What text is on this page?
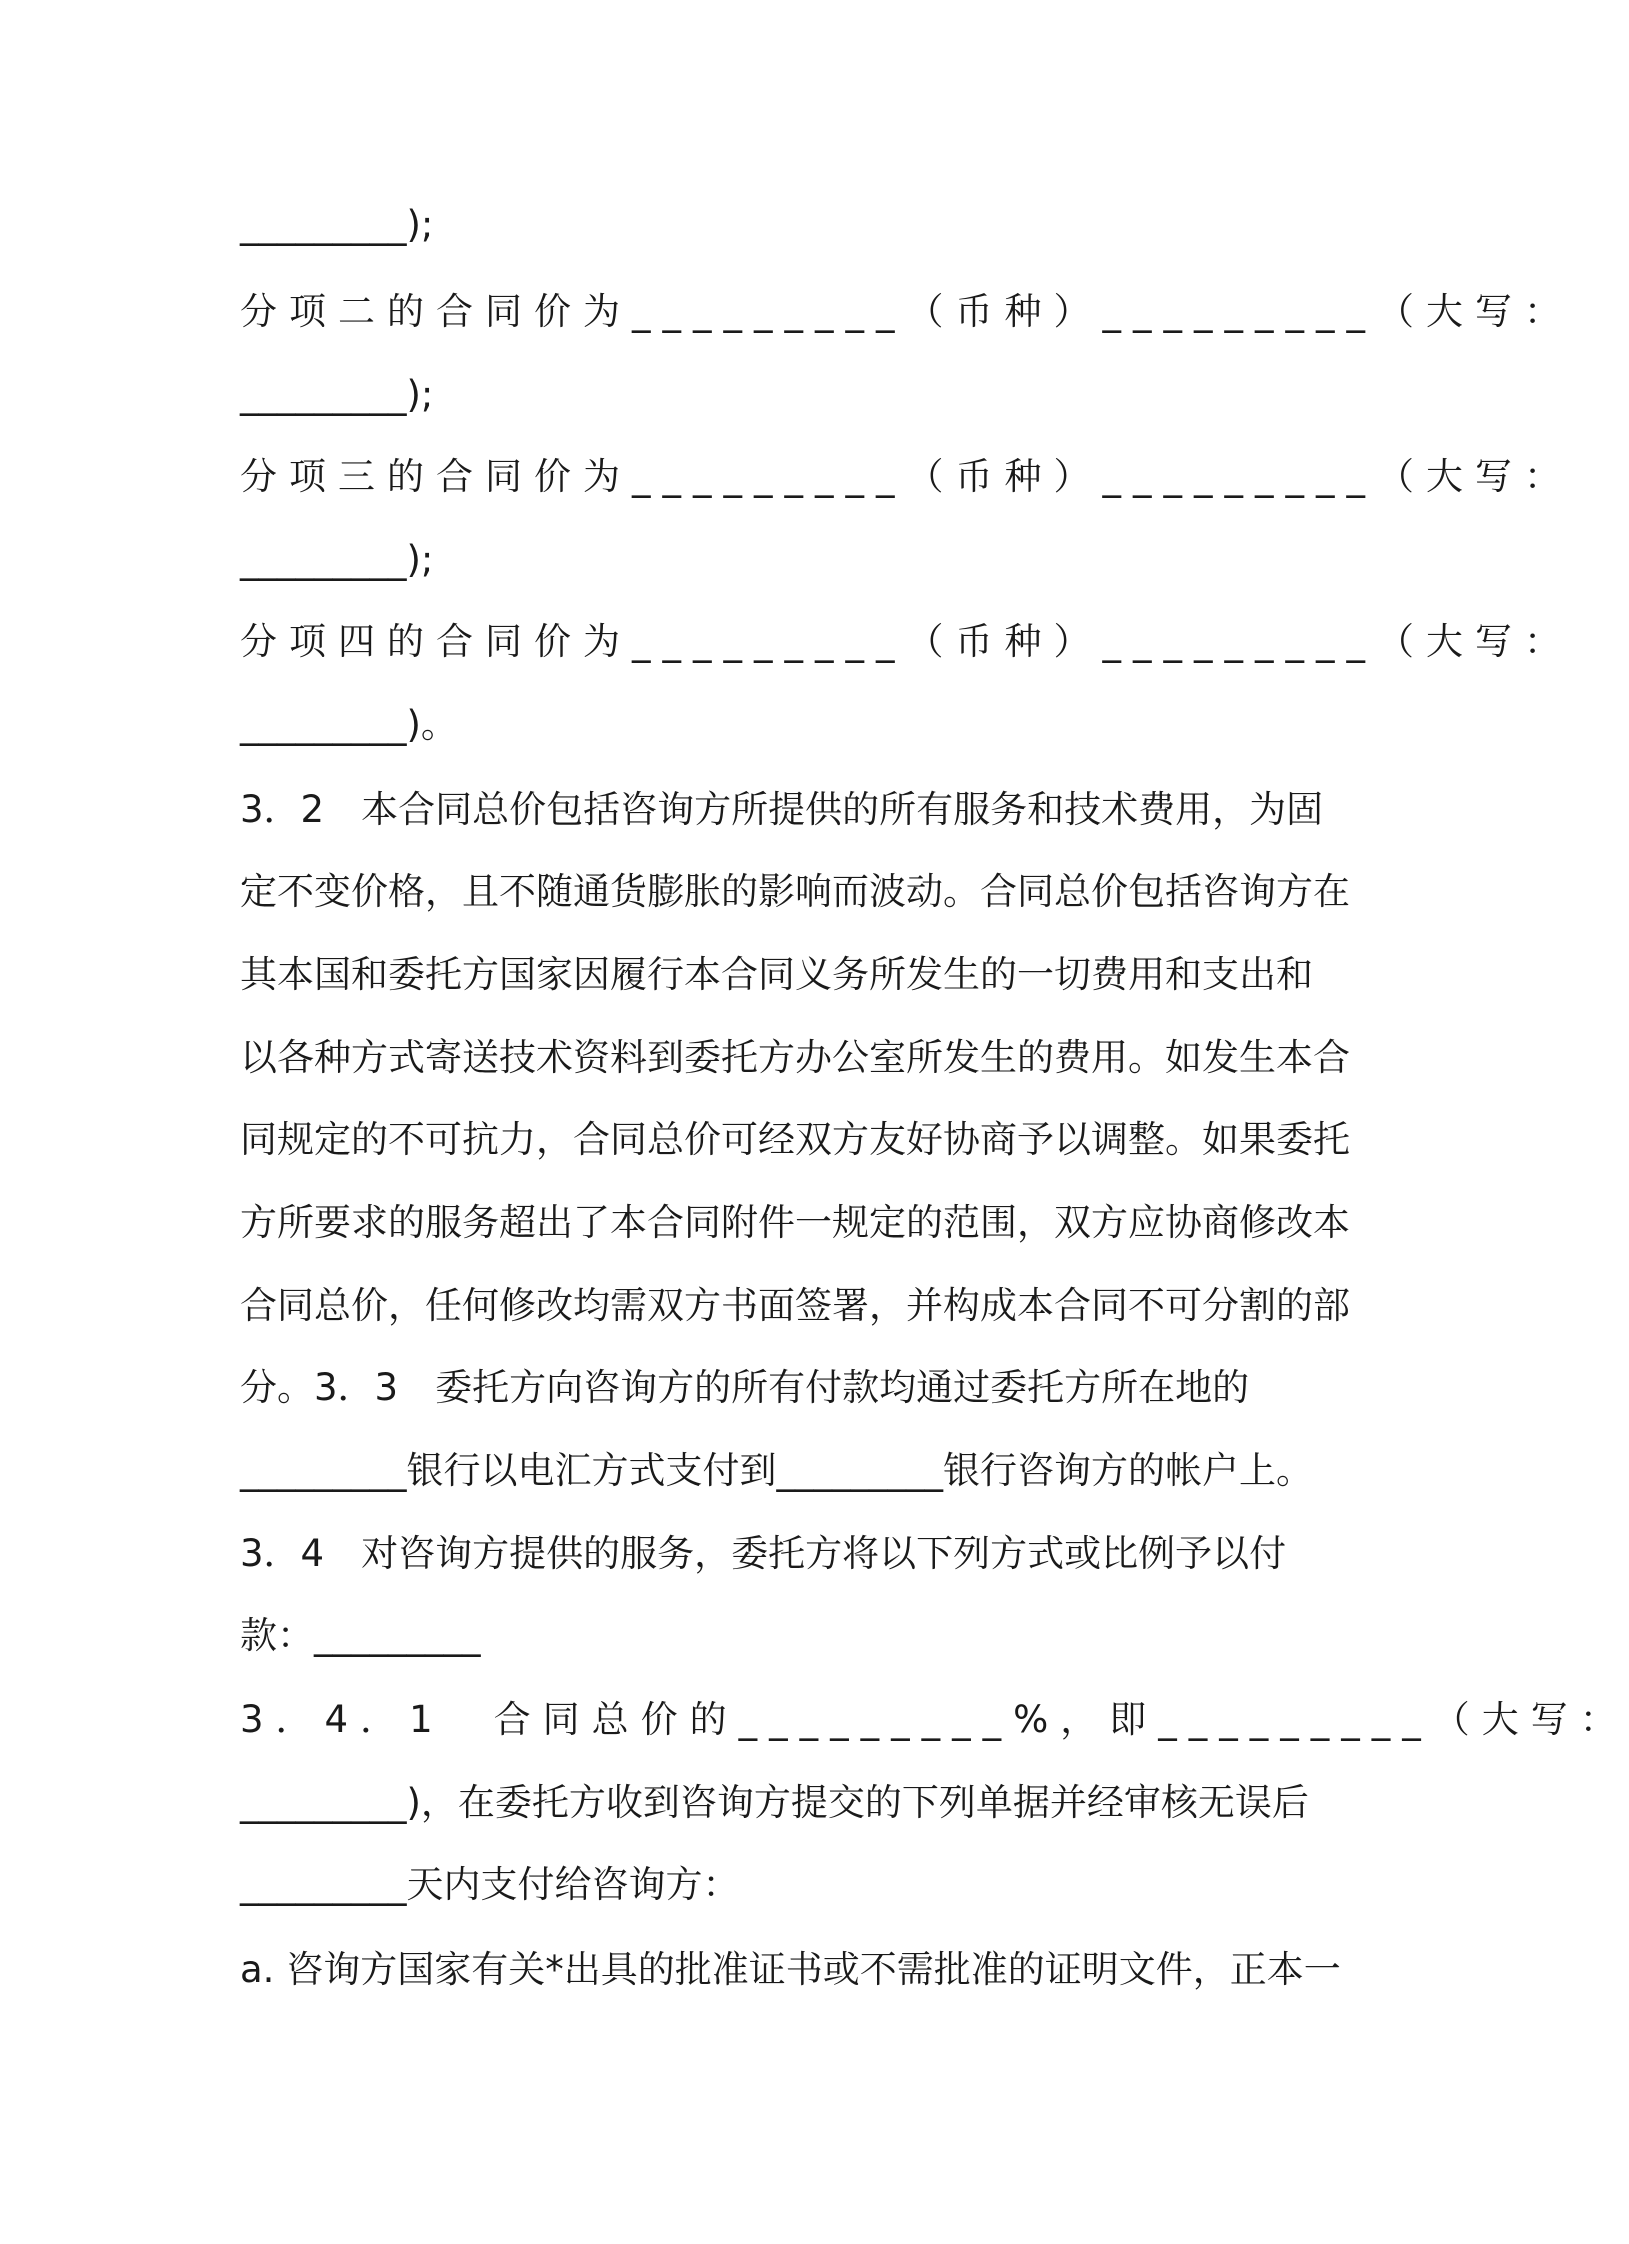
_________);
分项二的合同价为_________（币种）_________（大写：
_________);
分项三的合同价为_________（币种）_________（大写：
_________);
分项四的合同价为_________（币种）_________（大写：
_________)。
3．2　本合同总价包括咨询方所提供的所有服务和技术费用，为固
定不变价格，且不随通货膨胀的影响而波动。合同总价包括咨询方在
其本国和委托方国家因履行本合同义务所发生的一切费用和支出和
以各种方式寄送技术资料到委托方办公室所发生的费用。如发生本合
同规定的不可抗力，合同总价可经双方友好协商予以调整。如果委托
方所要求的服务超出了本合同附件一规定的范围，双方应协商修改本
合同总价，任何修改均需双方书面签署，并构成本合同不可分割的部
分。3．3　委托方向咨询方的所有付款均通过委托方所在地的
_________银行以电汇方式支付到_________银行咨询方的帐户上。
3．4　对咨询方提供的服务，委托方将以下列方式或比例予以付
款：_________
3．4．1　合同总价的_________%，即_________（大写：
_________)，在委托方收到咨询方提交的下列单据并经审核无误后
_________天内支付给咨询方：
a. 咨询方国家有关*出具的批准证书或不需批准的证明文件，正本一
